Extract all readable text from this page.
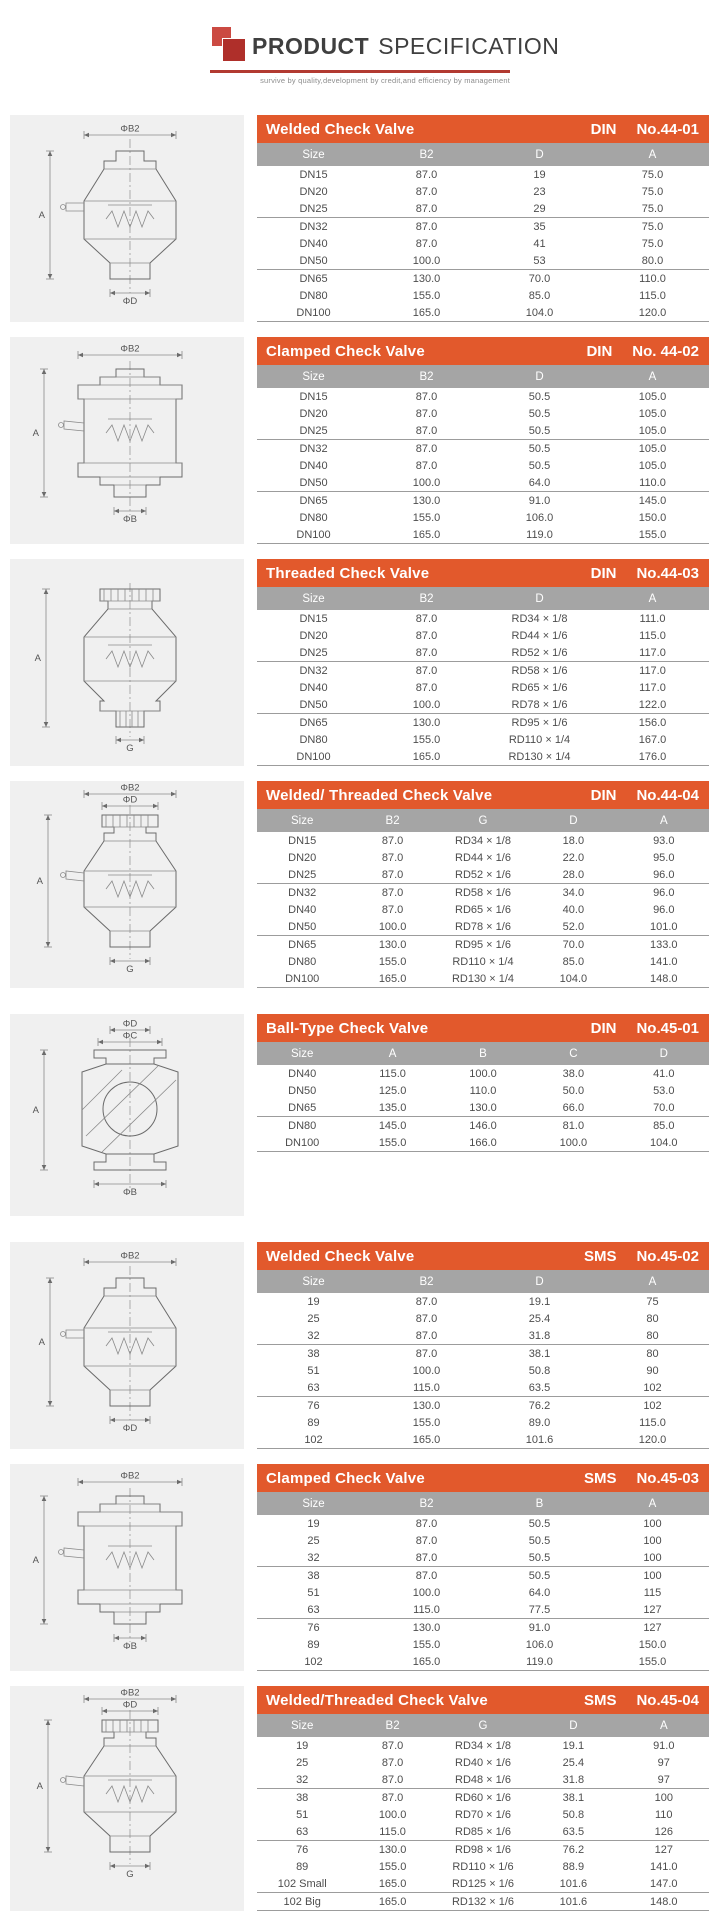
PRODUCT SPECIFICATION
survive by quality,development by credit,and efficiency by management
ΦB2
A
ΦD
Welded Check Valve	DIN No.44-01
Size	B2	D	A
DN15	87.0	19	75.0
DN20	87.0	23	75.0
DN25	87.0	29	75.0
DN32	87.0	35	75.0
DN40	87.0	41	75.0
DN50	100.0	53	80.0
DN65	130.0	70.0	110.0
DN80	155.0	85.0	115.0
DN100	165.0	104.0	120.0
ΦB2
A
ΦB
Clamped Check Valve	DIN No. 44-02
Size	B2	D	A
DN15	87.0	50.5	105.0
DN20	87.0	50.5	105.0
DN25	87.0	50.5	105.0
DN32	87.0	50.5	105.0
DN40	87.0	50.5	105.0
DN50	100.0	64.0	110.0
DN65	130.0	91.0	145.0
DN80	155.0	106.0	150.0
DN100	165.0	119.0	155.0
A
G
Threaded Check Valve	DIN No.44-03
Size	B2	D	A
DN15	87.0	RD34 × 1/8	111.0
DN20	87.0	RD44 × 1/6	115.0
DN25	87.0	RD52 × 1/6	117.0
DN32	87.0	RD58 × 1/6	117.0
DN40	87.0	RD65 × 1/6	117.0
DN50	100.0	RD78 × 1/6	122.0
DN65	130.0	RD95 × 1/6	156.0
DN80	155.0	RD110 × 1/4	167.0
DN100	165.0	RD130 × 1/4	176.0
ΦB2
ΦD
A
G
Welded/ Threaded Check Valve	DIN No.44-04
Size	B2	G	D	A
DN15	87.0	RD34 × 1/8	18.0	93.0
DN20	87.0	RD44 × 1/6	22.0	95.0
DN25	87.0	RD52 × 1/6	28.0	96.0
DN32	87.0	RD58 × 1/6	34.0	96.0
DN40	87.0	RD65 × 1/6	40.0	96.0
DN50	100.0	RD78 × 1/6	52.0	101.0
DN65	130.0	RD95 × 1/6	70.0	133.0
DN80	155.0	RD110 × 1/4	85.0	141.0
DN100	165.0	RD130 × 1/4	104.0	148.0
ΦD
ΦC
A
ΦB
Ball-Type Check Valve	DIN No.45-01
Size	A	B	C	D
DN40	115.0	100.0	38.0	41.0
DN50	125.0	110.0	50.0	53.0
DN65	135.0	130.0	66.0	70.0
DN80	145.0	146.0	81.0	85.0
DN100	155.0	166.0	100.0	104.0
ΦB2
A
ΦD
Welded Check Valve	SMS No.45-02
Size	B2	D	A
19	87.0	19.1	75
25	87.0	25.4	80
32	87.0	31.8	80
38	87.0	38.1	80
51	100.0	50.8	90
63	115.0	63.5	102
76	130.0	76.2	102
89	155.0	89.0	115.0
102	165.0	101.6	120.0
ΦB2
A
ΦB
Clamped Check Valve	SMS No.45-03
Size	B2	B	A
19	87.0	50.5	100
25	87.0	50.5	100
32	87.0	50.5	100
38	87.0	50.5	100
51	100.0	64.0	115
63	115.0	77.5	127
76	130.0	91.0	127
89	155.0	106.0	150.0
102	165.0	119.0	155.0
ΦB2
ΦD
A
G
Welded/Threaded Check Valve	SMS No.45-04
Size	B2	G	D	A
19	87.0	RD34 × 1/8	19.1	91.0
25	87.0	RD40 × 1/6	25.4	97
32	87.0	RD48 × 1/6	31.8	97
38	87.0	RD60 × 1/6	38.1	100
51	100.0	RD70 × 1/6	50.8	110
63	115.0	RD85 × 1/6	63.5	126
76	130.0	RD98 × 1/6	76.2	127
89	155.0	RD110 × 1/6	88.9	141.0
102 Small	165.0	RD125 × 1/6	101.6	147.0
102 Big	165.0	RD132 × 1/6	101.6	148.0
